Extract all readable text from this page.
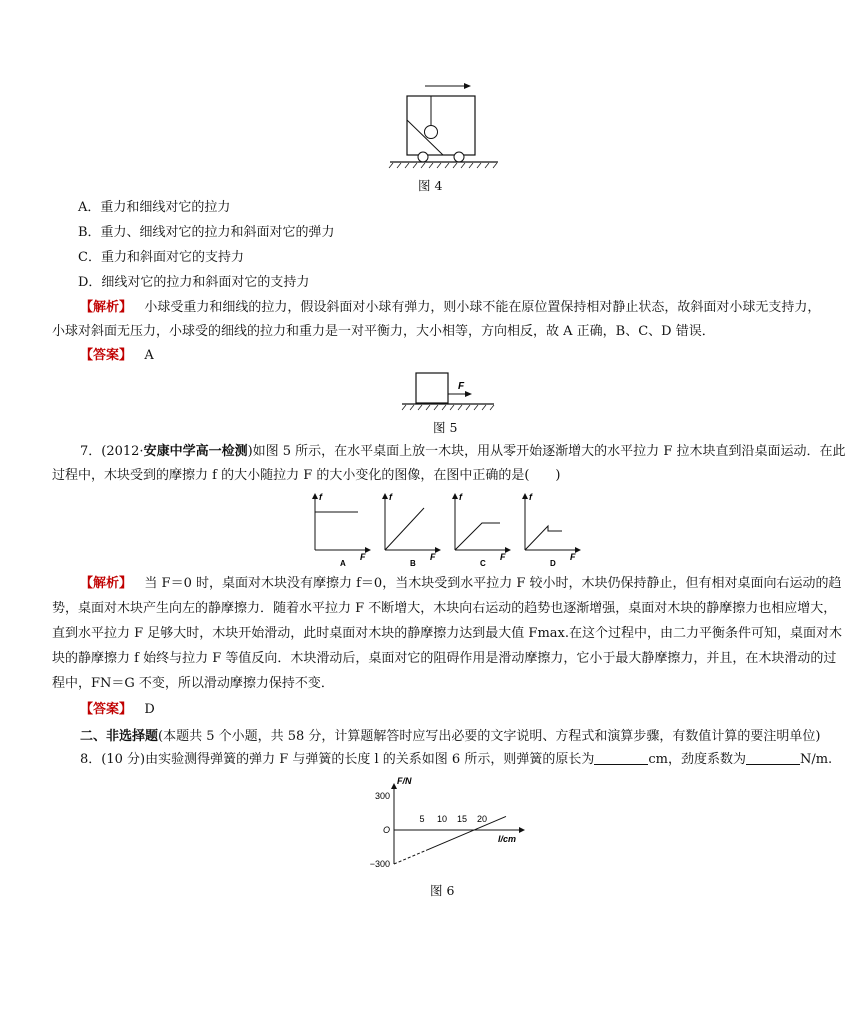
图 4
A．重力和细线对它的拉力
B．重力、细线对它的拉力和斜面对它的弹力
C．重力和斜面对它的支持力
D．细线对它的拉力和斜面对它的支持力
【解析】 小球受重力和细线的拉力，假设斜面对小球有弹力，则小球不能在原位置保持相对静止状态，故斜面对小球无支持力，
小球对斜面无压力，小球受的细线的拉力和重力是一对平衡力，大小相等，方向相反，故 A 正确，B、C、D 错误．
【答案】 A
F
图 5
7．(2012·安康中学高一检测)如图 5 所示，在水平桌面上放一木块，用从零开始逐渐增大的水平拉力 F 拉木块直到沿桌面运动．在此
过程中，木块受到的摩擦力 f 的大小随拉力 F 的大小变化的图像，在图中正确的是(　　)
f
F
A
f
F
B
f
F
C
f
F
D
【解析】 当 F＝0 时，桌面对木块没有摩擦力 f＝0，当木块受到水平拉力 F 较小时，木块仍保持静止，但有相对桌面向右运动的趋
势，桌面对木块产生向左的静摩擦力．随着水平拉力 F 不断增大，木块向右运动的趋势也逐渐增强，桌面对木块的静摩擦力也相应增大，
直到水平拉力 F 足够大时，木块开始滑动，此时桌面对木块的静摩擦力达到最大值 Fmax.在这个过程中，由二力平衡条件可知，桌面对木
块的静摩擦力 f 始终与拉力 F 等值反向．木块滑动后，桌面对它的阻碍作用是滑动摩擦力，它小于最大静摩擦力，并且，在木块滑动的过
程中，FN＝G 不变，所以滑动摩擦力保持不变．
【答案】 D
二、非选择题(本题共 5 个小题，共 58 分，计算题解答时应写出必要的文字说明、方程式和演算步骤，有数值计算的要注明单位)
8．(10 分)由实验测得弹簧的弹力 F 与弹簧的长度 l 的关系如图 6 所示，则弹簧的原长为	cm，劲度系数为	N/m.
F/N
l/cm
5 10 15 20
300
O
−300
图 6
